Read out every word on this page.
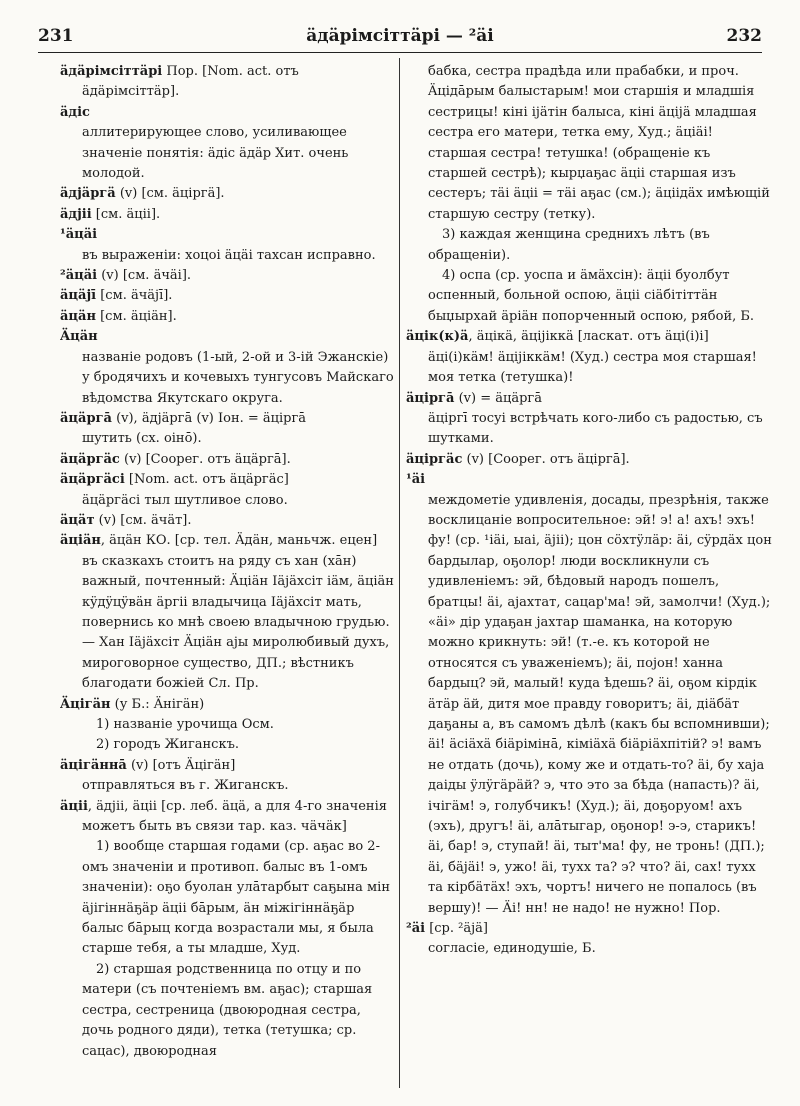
231	äдäрiмсiттäрi — ²äi	232

äдäрiмсiттäрi Пор. [Nom. act. отъ äдäрiмсiттäр].

äдiс

аллитерирующее слово, усиливающее значеніе понятія: äдiс äдäр Хит. очень молодой.

äдjäргä (v) [см. äцiргä].

äдjii [см. äцii].

¹äцäi

въ выраженіи: хоцоi äцäi тахсан исправно.

²äцäi (v) [см. äчäi].

äцäjī [см. äчäjī].

äцäн [см. äцiäн].

Äцäн

названіе родовъ (1-ый, 2-ой и 3-iй Эжанскіе) у бродячихъ и кочевыхъ тунгусовъ Майскаго вѣдомства Якутскаго округа.

äцäргā (v), äдjäргā (v) Іон. = äцiргā

шутить (сх. оiнō).

äцäргäс (v) [Cooрег. отъ äцäргā].

äцäргäсi [Nom. act. отъ äцäргäс]

äцäргäсi тыл шутливое слово.

äцäт (v) [см. äчäт].

äцiäн, äцäн КО. [ср. тел. Äдäн, маньчж. ецен] въ сказкахъ стоитъ на ряду съ хан (хāн) важный, почтенный: Äцiäн Iäjäхсiт iäм, äцiäн кÿдÿцÿвäн äргii владычица Iäjäхсiт мать, повернись ко мнѣ своею владычною грудью. — Хан Iäjäхсiт Äцiäн аjы миролюбивый духъ, мироговорное существо, ДП.; вѣстникъ благодати божіей Сл. Пр.

Äцiгäн (у Б.: Äнiгäн)

1) названіе урочища Осм.

2) городъ Жиганскъ.

äцiгäннā (v) [отъ Äцiгäн]

отправляться въ г. Жиганскъ.

äцii, äдjii, äцii [ср. леб. äцä, а для 4-го значенія можетъ быть въ связи тар. каз. чäчäк]

1) вообще старшая годами (ср. аҕас во 2-омъ значеніи и противоп. балыс въ 1-омъ значеніи): оҕо буолан улāтарбыт саҕына мiн äjiгiннäҕäр äцii бāрым, äн мiжiгiннäҕäр балыс бāрыц когда возрастали мы, я была старше тебя, а ты младше, Худ.

2) старшая родственница по отцу и по матери (съ почтеніемъ вм. аҕас); старшая сестра, сестреница (двоюродная сестра, дочь родного дяди), тетка (тетушка; ср. сацас), двоюродная

бабка, сестра прадѣда или прабабки, и проч. Äцiдāрым балыстарым! мои старшія и младшія сестрицы! кiнi iјäтiн балыса, кiнi äцiјä младшая сестра его матери, тетка ему, Худ.; äцiäi! старшая сестра! тетушка! (обращеніе къ старшей сестрѣ); кырџаҕас äцii старшая изъ сестеръ; тäi äцii = тäi аҕас (см.); äцiiдäх имѣющій старшую сестру (тетку).

3) каждая женщина среднихъ лѣтъ (въ обращеніи).

4) оспа (ср. уоспа и äмäхсiн): äцii буолбут оспенный, больной оспою, äцii сiäбiтiттäн быџырхай äрiäн попорченный оспою, рябой, Б.

äцiк(к)ä, äцiкä, äцiјiккä [ласкат. отъ äцi(i)i] äцi(i)кäм! äцiјiккäм! (Худ.) сестра моя старшая! моя тетка (тетушка)!

äцiргā (v) = äцäргā

äцiргī тосуi встрѣчать кого-либо съ радостью, съ шутками.

äцiргäс (v) [Cooрег. отъ äцiргā].

¹äi

междометіе удивленія, досады, презрѣнія, также восклицаніе вопросительное: эй! э! а! ахъ! эхъ! фу! (ср. ¹iäi, ыаi, äjii); цон сöхтÿлäр: äi, сÿрдäх цон бардылар, оҕолор! люди воскликнули съ удивленіемъ: эй, бѣдовый народъ пошелъ, братцы! äi, аjахтат, сацар'ма! эй, замолчи! (Худ.); «äi» дiр удаҕан jахтар шаманка, на которую можно крикнуть: эй! (т.-е. къ которой не относятся съ уваженіемъ); äi, поjон! ханна бардыц? эй, малый! куда ѣдешь? äi, оҕом кiрдiк äтäр äй, дитя мое правду говоритъ; äi, дiäбäт даҕаны а, въ самомъ дѣлѣ (какъ бы вспомнивши); äi! äсiäхä бiäрiмiнā, кiмiäхä бiäрiäхпiтiй? э! вамъ не отдать (дочь), кому же и отдать-то? äi, бу хаjа даiды ÿлÿгäрäй? э, что это за бѣда (напасть)? äi, iчiгäм! э, голубчикъ! (Худ.); äi, доҕоруом! ахъ (эхъ), другъ! äi, алāтыгар, оҕонор! э-э, старикъ! äi, бар! э, ступай! äi, тыт'ма! фу, не тронь! (ДП.); äi, бäjäi! э, ужо! äi, тухх та? э? что? äi, сах! тухх та кiрбäтäх! эхъ, чортъ! ничего не попалось (въ вершу)! — Äi! нн! не надо! не нужно! Пор.

²äi [ср. ²äjä]

согласіе, единодушіе, Б.
